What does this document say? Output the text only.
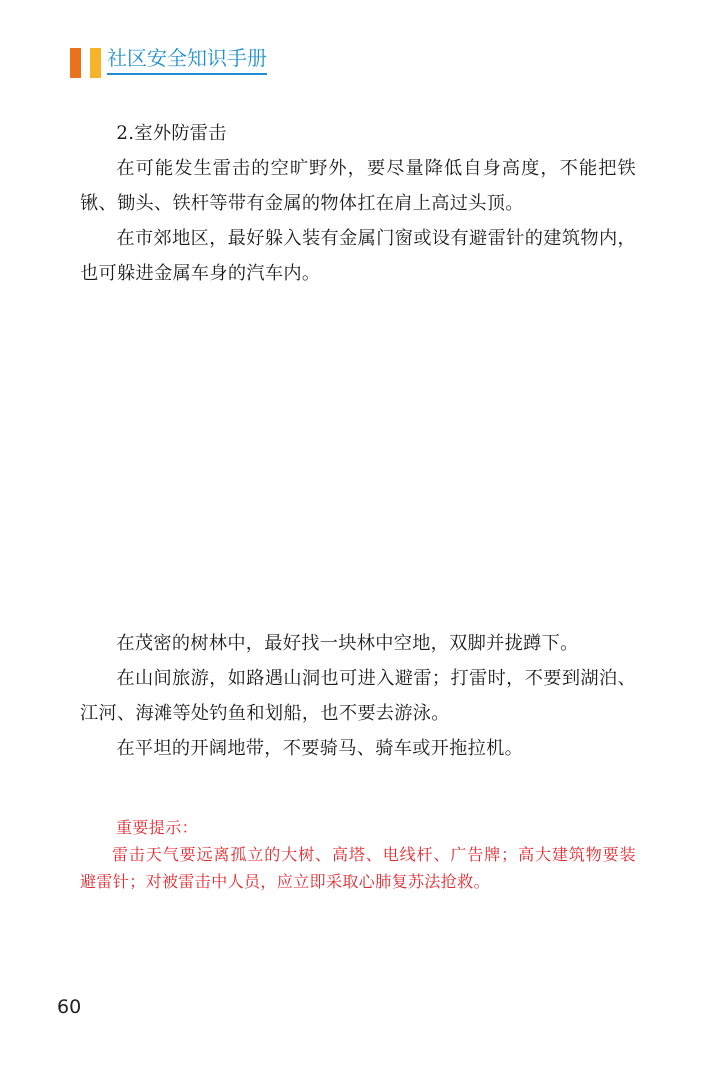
社区安全知识手册

2.室外防雷击

在可能发生雷击的空旷野外，要尽量降低自身高度，不能把铁锹、锄头、铁杆等带有金属的物体扛在肩上高过头顶。

在市郊地区，最好躲入装有金属门窗或设有避雷针的建筑物内，也可躲进金属车身的汽车内。

在茂密的树林中，最好找一块林中空地，双脚并拢蹲下。

在山间旅游，如路遇山洞也可进入避雷；打雷时，不要到湖泊、江河、海滩等处钓鱼和划船，也不要去游泳。

在平坦的开阔地带，不要骑马、骑车或开拖拉机。

重要提示：

雷击天气要远离孤立的大树、高塔、电线杆、广告牌；高大建筑物要装避雷针；对被雷击中人员，应立即采取心肺复苏法抢救。

60
